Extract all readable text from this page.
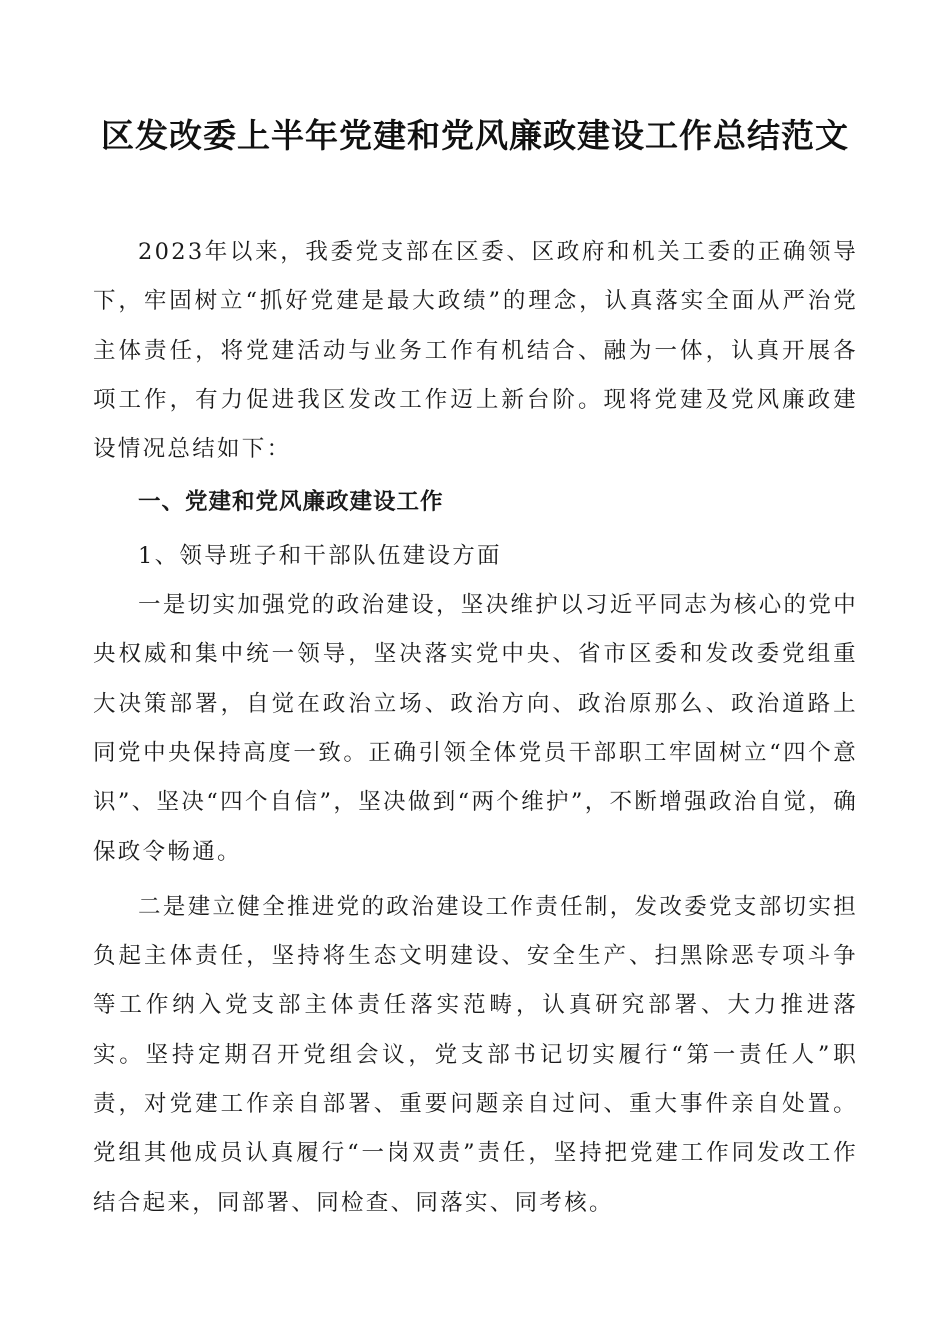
区发改委上半年党建和党风廉政建设工作总结范文

2023年以来，我委党支部在区委、区政府和机关工委的正确领导下，牢固树立“抓好党建是最大政绩”的理念，认真落实全面从严治党主体责任，将党建活动与业务工作有机结合、融为一体，认真开展各项工作，有力促进我区发改工作迈上新台阶。现将党建及党风廉政建设情况总结如下：

一、党建和党风廉政建设工作

1、领导班子和干部队伍建设方面

一是切实加强党的政治建设，坚决维护以习近平同志为核心的党中央权威和集中统一领导，坚决落实党中央、省市区委和发改委党组重大决策部署，自觉在政治立场、政治方向、政治原那么、政治道路上同党中央保持高度一致。正确引领全体党员干部职工牢固树立“四个意识”、坚决“四个自信”，坚决做到“两个维护”，不断增强政治自觉，确保政令畅通。

二是建立健全推进党的政治建设工作责任制，发改委党支部切实担负起主体责任，坚持将生态文明建设、安全生产、扫黑除恶专项斗争等工作纳入党支部主体责任落实范畴，认真研究部署、大力推进落实。坚持定期召开党组会议，党支部书记切实履行“第一责任人”职责，对党建工作亲自部署、重要问题亲自过问、重大事件亲自处置。党组其他成员认真履行“一岗双责”责任，坚持把党建工作同发改工作结合起来，同部署、同检查、同落实、同考核。
